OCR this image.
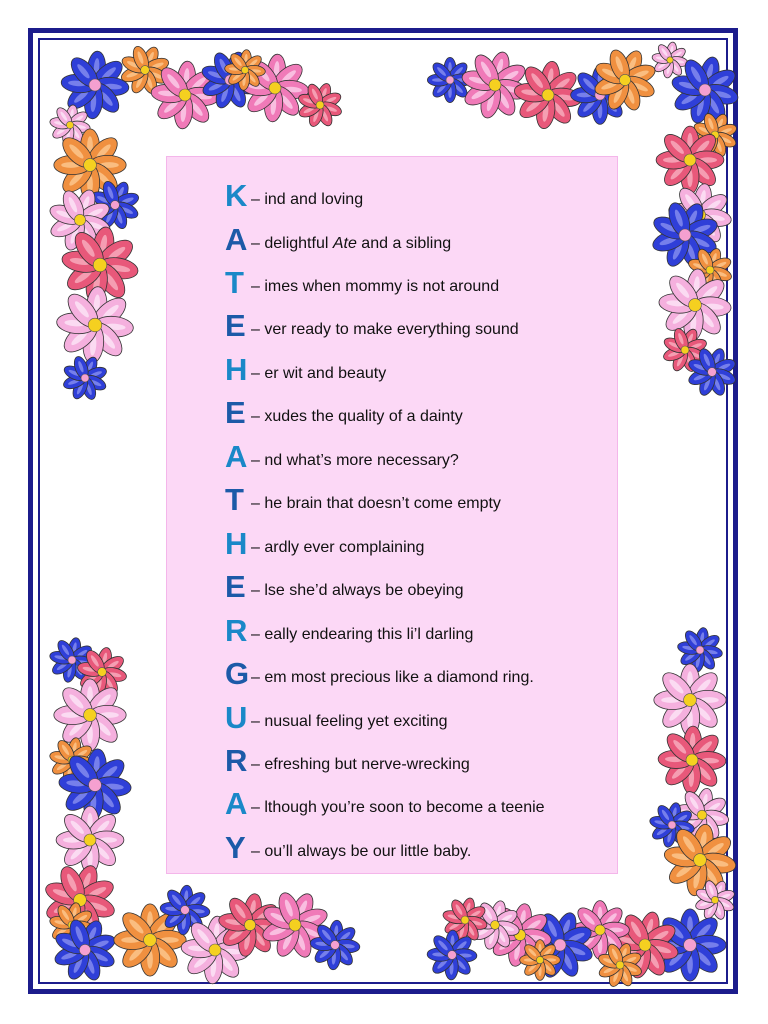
K – ind and loving
A – delightful Ate and a sibling
T – imes when mommy is not around
E – ver ready to make everything sound
H – er wit and beauty
E – xudes the quality of a dainty
A – nd what’s more necessary?
T – he brain that doesn’t come empty
H – ardly ever complaining
E – lse she’d always be obeying
R – eally endearing this li’l darling
G – em most precious like a diamond ring.
U – nusual feeling yet exciting
R – efreshing but nerve-wrecking
A – lthough you’re soon to become a teenie
Y – ou’ll always be our little baby.
